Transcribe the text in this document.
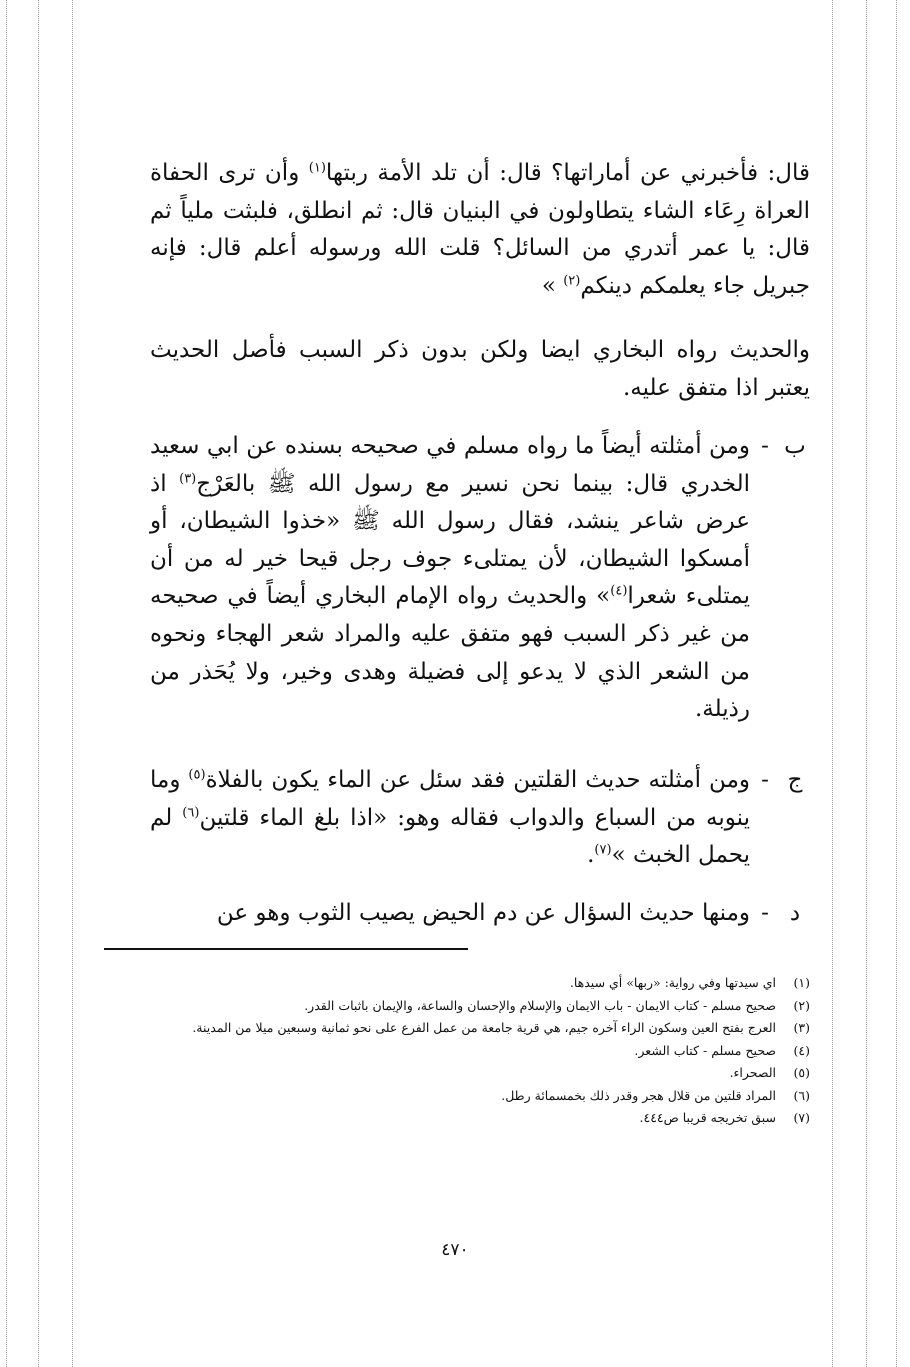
قال: فأخبرني عن أماراتها؟ قال: أن تلد الأمة ربتها$^{(١)}$ وأن ترى الحفاة العراة رِعَاء الشاء يتطاولون في البنيان قال: ثم انطلق، فلبثت ملياً ثم قال: يا عمر أتدري من السائل؟ قلت الله ورسوله أعلم قال: فإنه جبريل جاء يعلمكم دينكم$^{(٢)}$ »

والحديث رواه البخاري ايضا ولكن بدون ذكر السبب فأصل الحديث يعتبر اذا متفق عليه.

ب
-

ومن أمثلته أيضاً ما رواه مسلم في صحيحه بسنده عن ابي سعيد الخدري قال: بينما نحن نسير مع رسول الله ﷺ بالعَرْج$^{(٣)}$ اذ عرض شاعر ينشد، فقال رسول الله ﷺ «خذوا الشيطان، أو أمسكوا الشيطان، لأن يمتلىء جوف رجل قيحا خير له من أن يمتلىء شعرا$^{(٤)}$» والحديث رواه الإمام البخاري أيضاً في صحيحه من غير ذكر السبب فهو متفق عليه والمراد شعر الهجاء ونحوه من الشعر الذي لا يدعو إلى فضيلة وهدى وخير، ولا يُحَذر من رذيلة.

ج
-

ومن أمثلته حديث القلتين فقد سئل عن الماء يكون بالفلاة$^{(٥)}$ وما ينوبه من السباع والدواب فقاله وهو: «اذا بلغ الماء قلتين$^{(٦)}$ لم يحمل الخبث »$^{(٧)}$.

د
-

ومنها حديث السؤال عن دم الحيض يصيب الثوب وهو عن

(١)
اي سيدتها وفي رواية: «ربها» أي سيدها.
(٢)
صحيح مسلم - كتاب الايمان - باب الايمان والإسلام والإحسان والساعة، والإيمان باثبات القدر.
(٣)
العرج بفتح العين وسكون الراء آخره جيم، هي قرية جامعة من عمل الفرع على نحو ثمانية وسبعين ميلا من المدينة.
(٤)
صحيح مسلم - كتاب الشعر.
(٥)
الصحراء.
(٦)
المراد قلتين من قلال هجر وقدر ذلك بخمسمائة رطل.
(٧)
سبق تخريجه قريبا ص٤٤٤.
٤٧٠
